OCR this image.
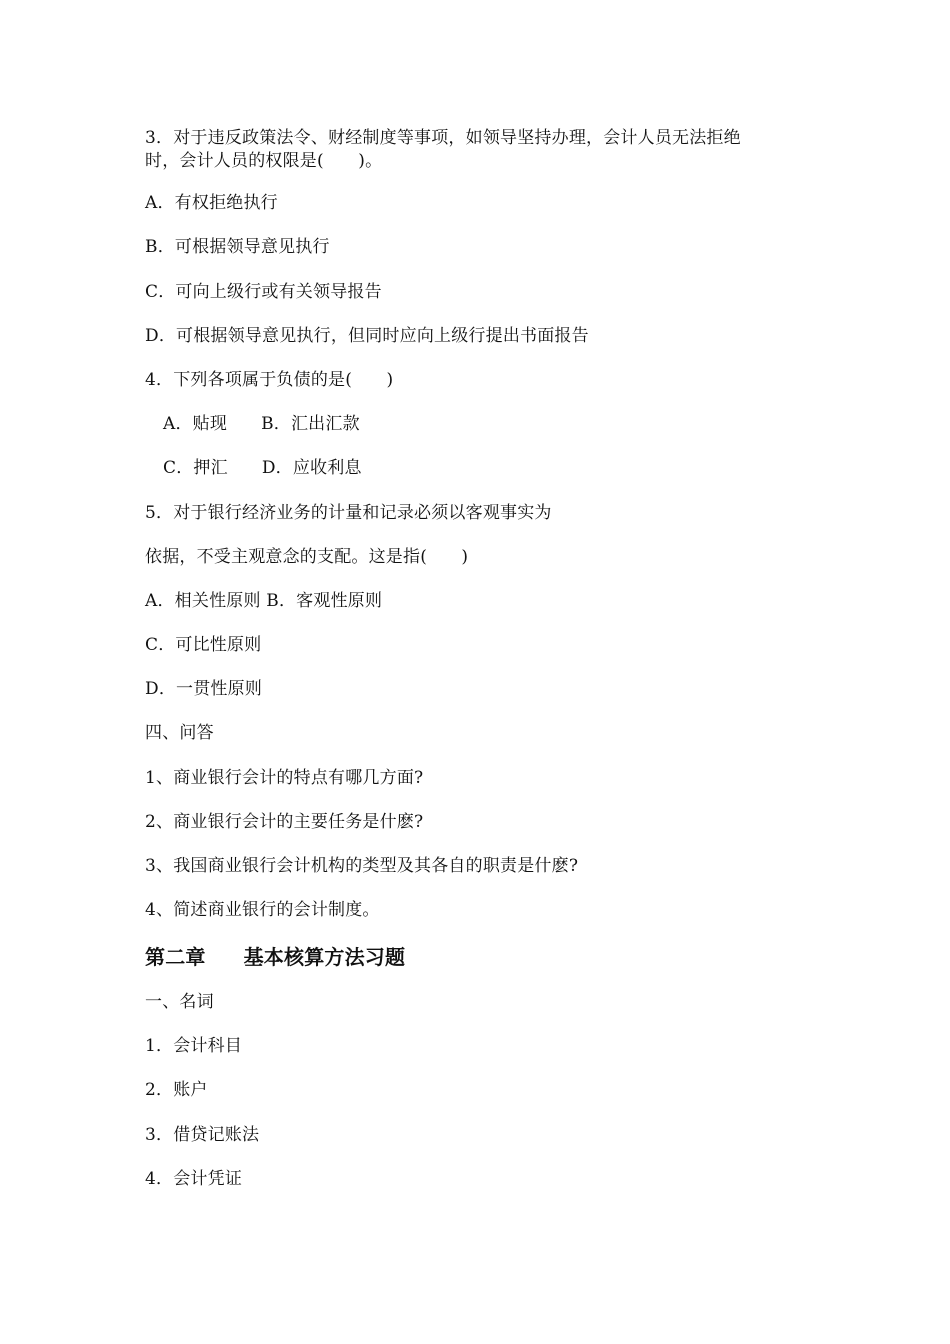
3．对于违反政策法令、财经制度等事项，如领导坚持办理，会计人员无法拒绝
时，会计人员的权限是(　　)。
A．有权拒绝执行
B．可根据领导意见执行
C．可向上级行或有关领导报告
D．可根据领导意见执行，但同时应向上级行提出书面报告
4．下列各项属于负债的是(　　)
A．贴现 B．汇出汇款
C．押汇 D．应收利息
5．对于银行经济业务的计量和记录必须以客观事实为
依据，不受主观意念的支配。这是指(　　)
A．相关性原则 B．客观性原则
C．可比性原则
D．一贯性原则
四、问答
1、商业银行会计的特点有哪几方面?
2、商业银行会计的主要任务是什麽?
3、我国商业银行会计机构的类型及其各自的职责是什麽?
4、简述商业银行的会计制度。
第二章 基本核算方法习题
一、名词
1．会计科目
2．账户
3．借贷记账法
4．会计凭证
